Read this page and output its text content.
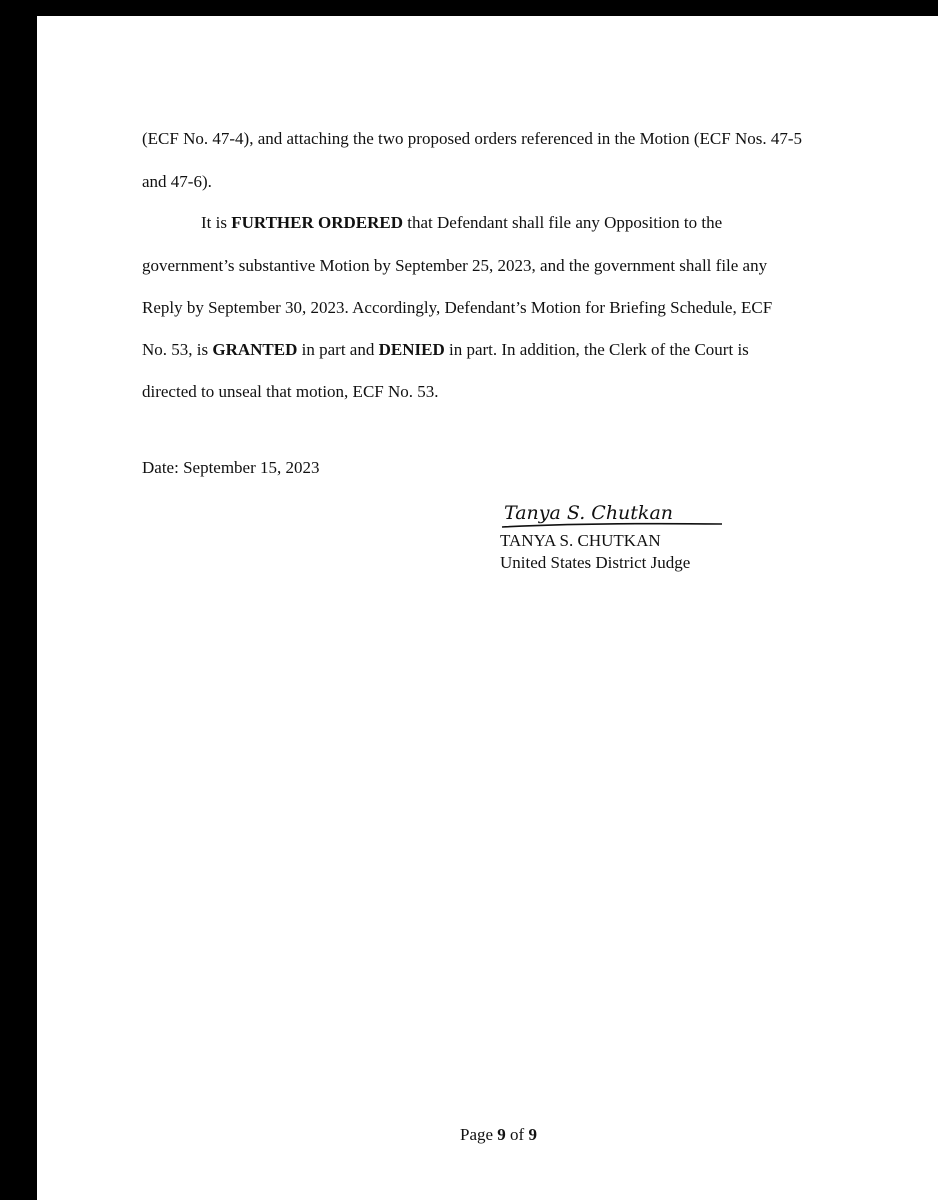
(ECF No. 47-4), and attaching the two proposed orders referenced in the Motion (ECF Nos. 47-5
and 47-6).
It is FURTHER ORDERED that Defendant shall file any Opposition to the
government’s substantive Motion by September 25, 2023, and the government shall file any
Reply by September 30, 2023. Accordingly, Defendant’s Motion for Briefing Schedule, ECF
No. 53, is GRANTED in part and DENIED in part. In addition, the Clerk of the Court is
directed to unseal that motion, ECF No. 53.
Date: September 15, 2023
Tanya S. Chutkan
TANYA S. CHUTKAN
United States District Judge
Page 9 of 9
